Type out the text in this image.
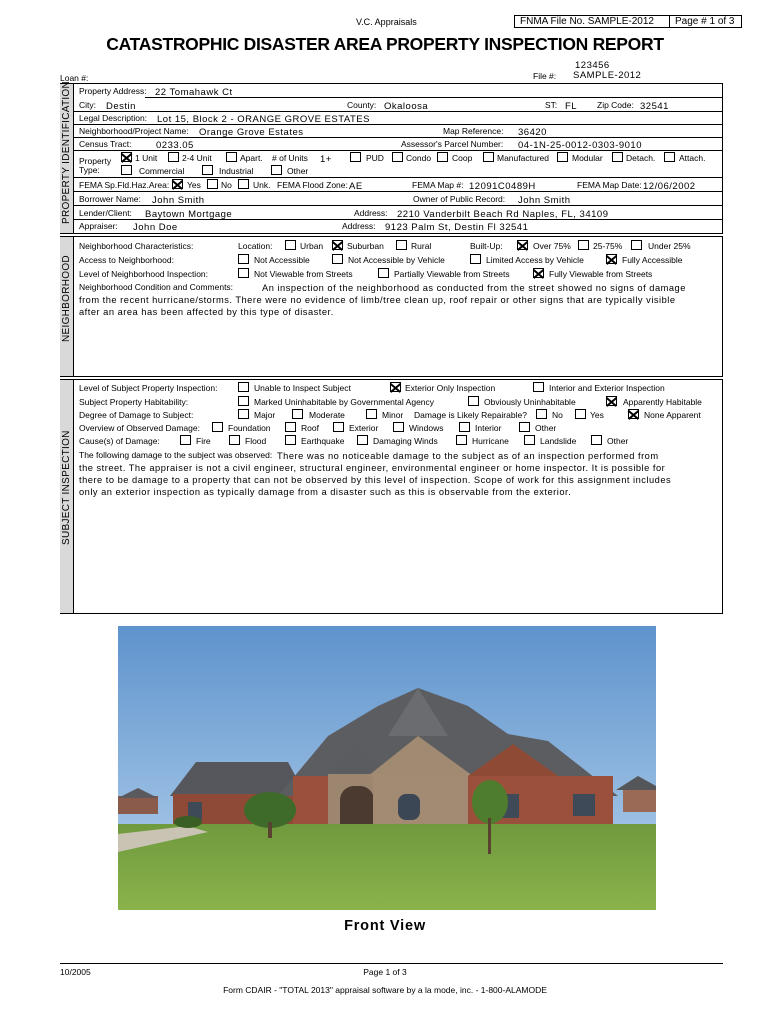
V.C. Appraisals	FNMA File No. SAMPLE-2012	Page # 1 of 3
CATASTROPHIC DISASTER AREA PROPERTY INSPECTION REPORT
123456
File #: SAMPLE-2012
Loan #:
PROPERTY IDENTIFICATION
NEIGHBORHOOD
SUBJECT INSPECTION
Property Address: 22 Tomahawk Ct
City: Destin	County: Okaloosa	ST: FL Zip Code: 32541
Legal Description: Lot 15, Block 2 - ORANGE GROVE ESTATES
Neighborhood/Project Name: Orange Grove Estates	Map Reference: 36420
Census Tract:	0233.05	Assessor's Parcel Number: 04-1N-25-0012-0303-9010
Property
Type:
1 Unit	2-4 Unit	Apart. # of Units 1+	PUD	Condo Coop	Manufactured	Modular	Detach.	Attach.
Commercial	Industrial	Other
FEMA Sp.Fld.Haz.Area: Yes No Unk. FEMA Flood Zone: AE	FEMA Map #: 12091C0489H	FEMA Map Date: 12/06/2002
Borrower Name: John Smith	Owner of Public Record: John Smith
Lender/Client: Baytown Mortgage	Address: 2210 Vanderbilt Beach Rd Naples, FL, 34109
Appraiser: John Doe	Address: 9123 Palm St, Destin Fl 32541
Neighborhood Characteristics:	Location:	Urban	Suburban	Rural	Built-Up:	Over 75%	25-75%	Under 25%
Access to Neighborhood:	Not Accessible	Not Accessible by Vehicle	Limited Access by Vehicle	Fully Accessible
Level of Neighborhood Inspection:	Not Viewable from Streets	Partially Viewable from Streets	Fully Viewable from Streets
Neighborhood Condition and Comments:	An inspection of the neighborhood as conducted from the street showed no signs of damage
from the recent hurricane/storms. There were no evidence of limb/tree clean up, roof repair or other signs that are typically visible
after an area has been affected by this type of disaster.
Level of Subject Property Inspection:	Unable to Inspect Subject	Exterior Only Inspection	Interior and Exterior Inspection
Subject Property Habitability:	Marked Uninhabitable by Governmental Agency	Obviously Uninhabitable	Apparently Habitable
Degree of Damage to Subject:	Major	Moderate	Minor Damage is Likely Repairable?	No	Yes	None Apparent
Overview of Observed Damage:	Foundation	Roof	Exterior	Windows	Interior	Other
Cause(s) of Damage:	Fire	Flood	Earthquake	Damaging Winds	Hurricane	Landslide	Other
The following damage to the subject was observed: There was no noticeable damage to the subject as of an inspection performed from
the street. The appraiser is not a civil engineer, structural engineer, environmental engineer or home inspector. It is possible for
there to be damage to a property that can not be observed by this level of inspection. Scope of work for this assignment includes
only an exterior inspection as typically damage from a disaster such as this is observable from the exterior.
Front View
10/2005	Page 1 of 3
Form CDAIR - "TOTAL 2013" appraisal software by a la mode, inc. - 1-800-ALAMODE
